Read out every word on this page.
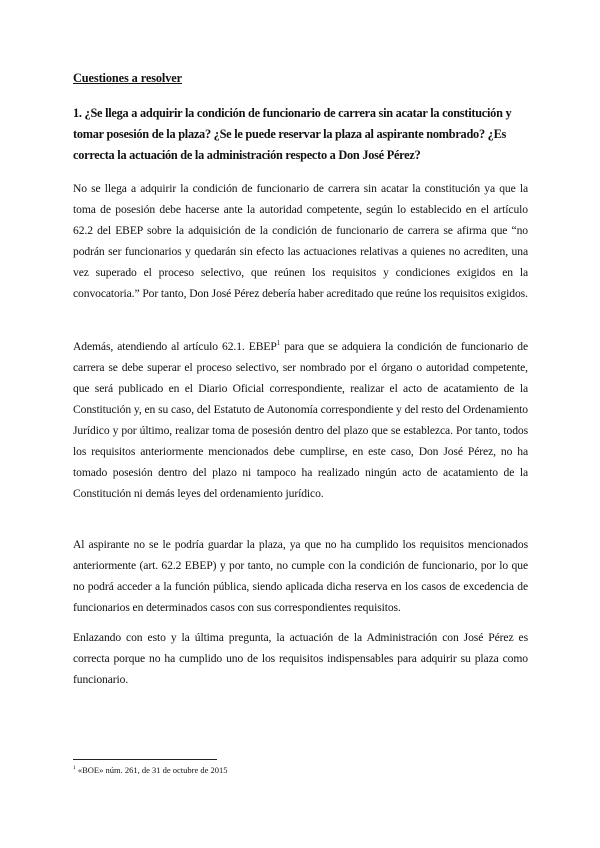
Cuestiones a resolver
1. ¿Se llega a adquirir la condición de funcionario de carrera sin acatar la constitución y tomar posesión de la plaza? ¿Se le puede reservar la plaza al aspirante nombrado? ¿Es correcta la actuación de la administración respecto a Don José Pérez?
No se llega a adquirir la condición de funcionario de carrera sin acatar la constitución ya que la toma de posesión debe hacerse ante la autoridad competente, según lo establecido en el artículo 62.2 del EBEP sobre la adquisición de la condición de funcionario de carrera se afirma que “no podrán ser funcionarios y quedarán sin efecto las actuaciones relativas a quienes no acrediten, una vez superado el proceso selectivo, que reúnen los requisitos y condiciones exigidos en la convocatoria.” Por tanto, Don José Pérez debería haber acreditado que reúne los requisitos exigidos.
Además, atendiendo al artículo 62.1. EBEP$^1$ para que se adquiera la condición de funcionario de carrera se debe superar el proceso selectivo, ser nombrado por el órgano o autoridad competente, que será publicado en el Diario Oficial correspondiente, realizar el acto de acatamiento de la Constitución y, en su caso, del Estatuto de Autonomía correspondiente y del resto del Ordenamiento Jurídico y por último, realizar toma de posesión dentro del plazo que se establezca. Por tanto, todos los requisitos anteriormente mencionados debe cumplirse, en este caso, Don José Pérez, no ha tomado posesión dentro del plazo ni tampoco ha realizado ningún acto de acatamiento de la Constitución ni demás leyes del ordenamiento jurídico.
Al aspirante no se le podría guardar la plaza, ya que no ha cumplido los requisitos mencionados anteriormente (art. 62.2 EBEP) y por tanto, no cumple con la condición de funcionario, por lo que no podrá acceder a la función pública, siendo aplicada dicha reserva en los casos de excedencia de funcionarios en determinados casos con sus correspondientes requisitos.
Enlazando con esto y la última pregunta, la actuación de la Administración con José Pérez es correcta porque no ha cumplido uno de los requisitos indispensables para adquirir su plaza como funcionario.
$^1$ «BOE» núm. 261, de 31 de octubre de 2015
